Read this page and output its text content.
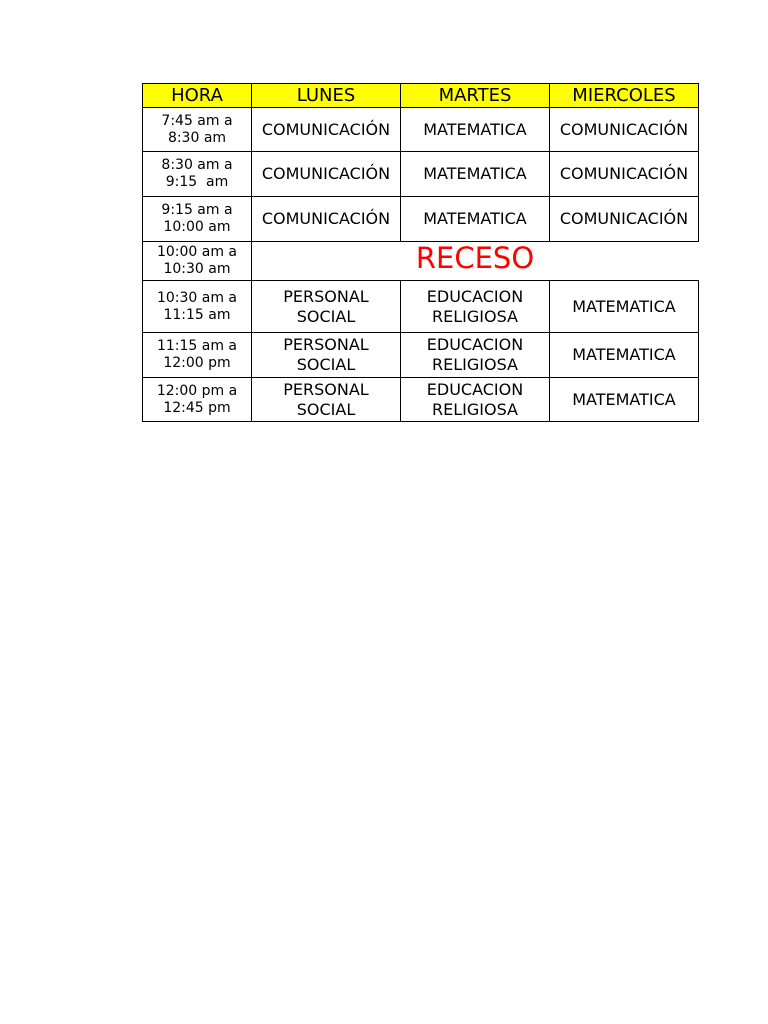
HORA	LUNES	MARTES	MIERCOLES
7:45 am a
8:30 am	COMUNICACIÓN	MATEMATICA	COMUNICACIÓN
8:30 am a
9:15  am	COMUNICACIÓN	MATEMATICA	COMUNICACIÓN
9:15 am a
10:00 am	COMUNICACIÓN	MATEMATICA	COMUNICACIÓN
10:00 am a
10:30 am	RECESO		
10:30 am a
11:15 am	PERSONAL SOCIAL	EDUCACION RELIGIOSA	MATEMATICA
11:15 am a
12:00 pm	PERSONAL SOCIAL	EDUCACION RELIGIOSA	MATEMATICA
12:00 pm a
12:45 pm	PERSONAL SOCIAL	EDUCACION RELIGIOSA	MATEMATICA
